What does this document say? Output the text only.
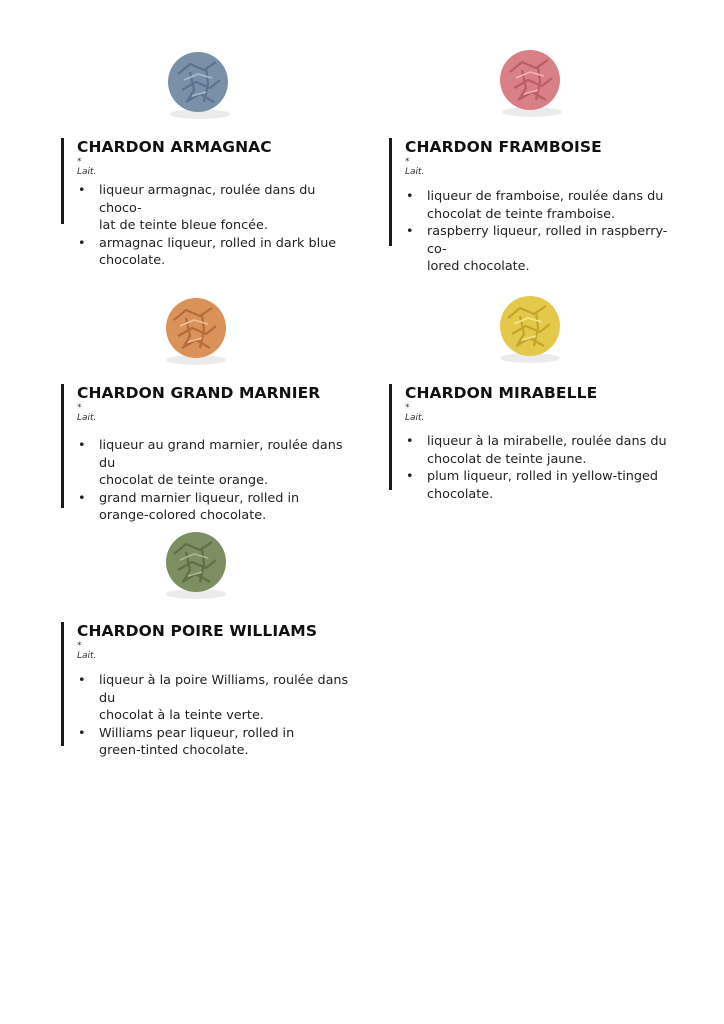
CHARDON ARMAGNAC

* Lait.

• liqueur armagnac, roulée dans du choco-
lat de teinte bleue foncée.
• armagnac liqueur, rolled in dark blue
chocolate.
CHARDON FRAMBOISE

* Lait.

• liqueur de framboise, roulée dans du
chocolat de teinte framboise.
• raspberry liqueur, rolled in raspberry-co-
lored chocolate.
CHARDON GRAND MARNIER

* Lait.

• liqueur au grand marnier, roulée dans du
chocolat de teinte orange.
• grand marnier liqueur, rolled in
orange-colored chocolate.
CHARDON MIRABELLE

* Lait.

• liqueur à la mirabelle, roulée dans du
chocolat de teinte jaune.
• plum liqueur, rolled in yellow-tinged
chocolate.
CHARDON POIRE WILLIAMS

* Lait.

• liqueur à la poire Williams, roulée dans du
chocolat à la teinte verte.
• Williams pear liqueur, rolled in
green-tinted chocolate.
